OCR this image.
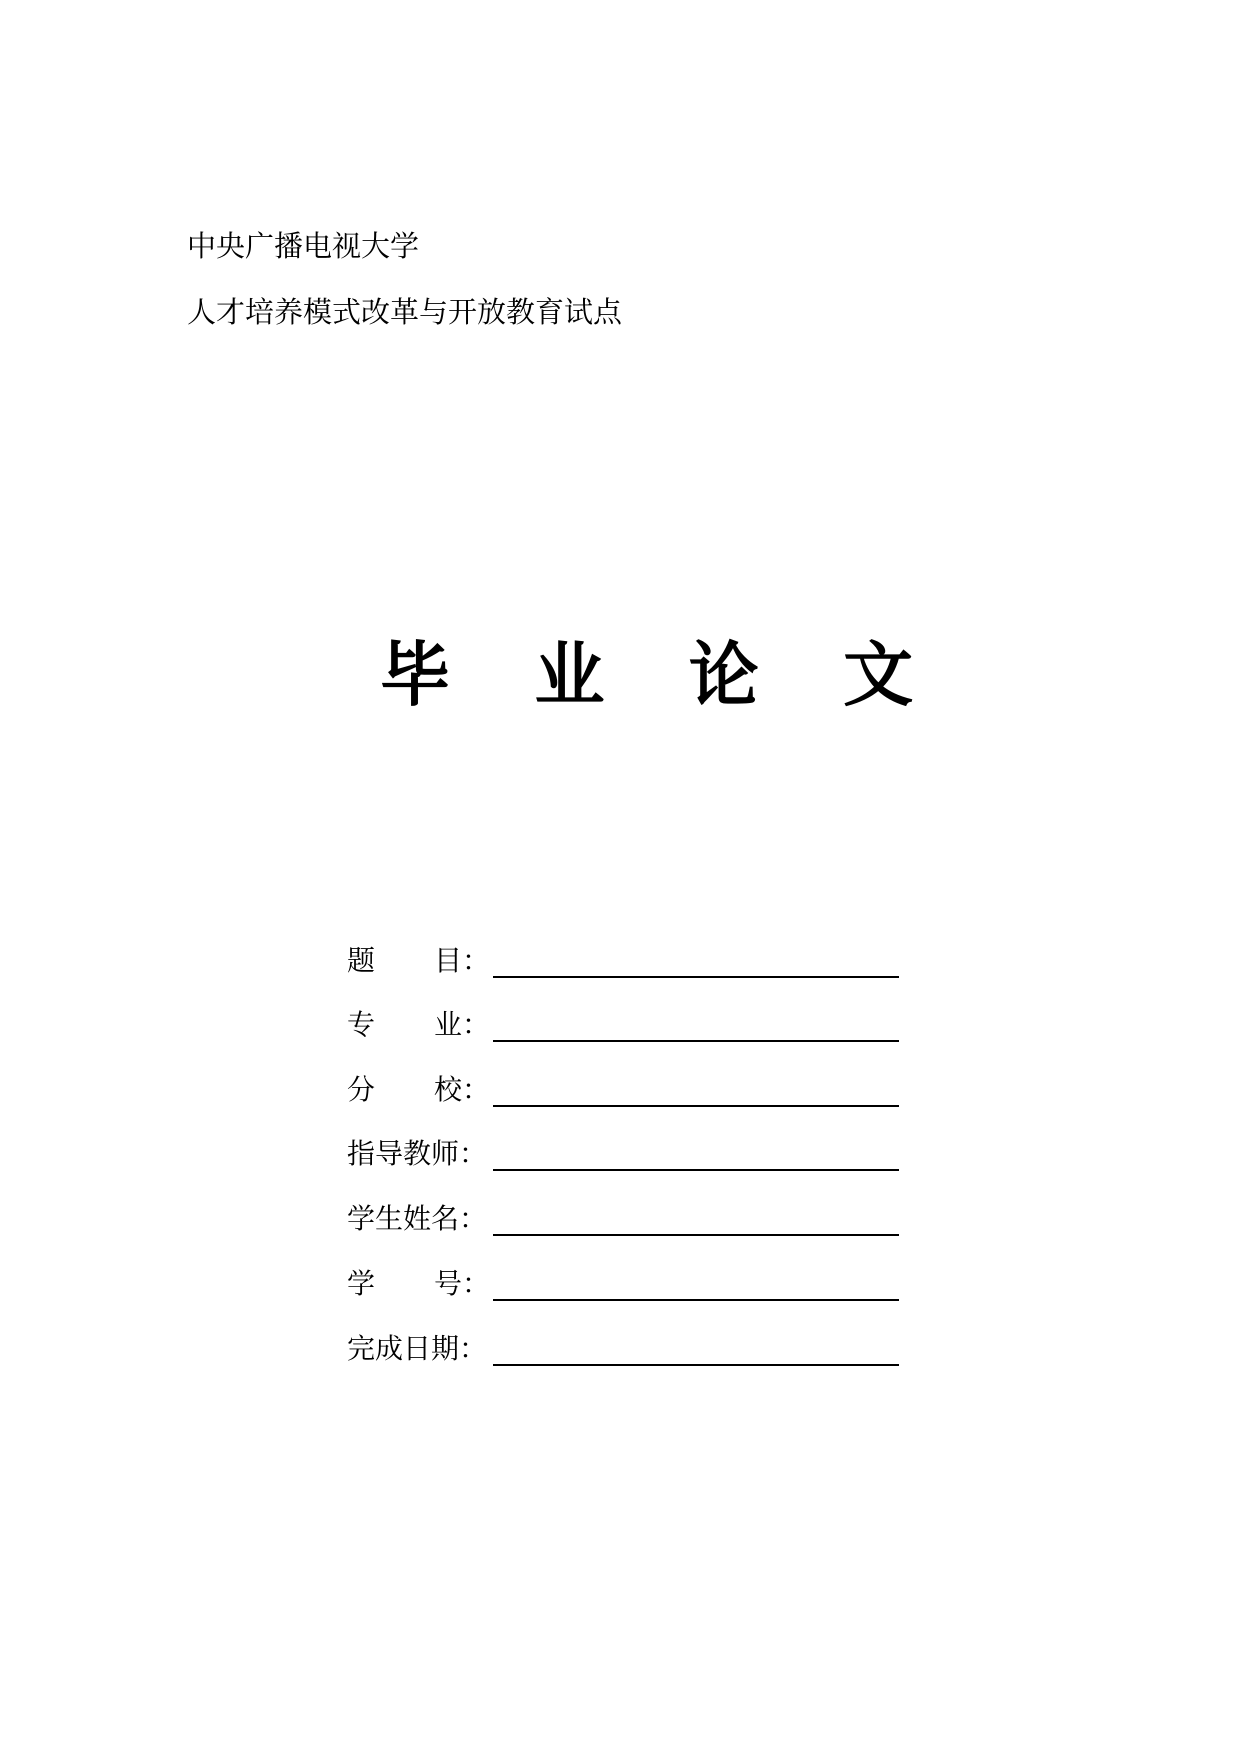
中央广播电视大学
人才培养模式改革与开放教育试点
毕 业 论 文
题 目：
专 业：
分 校：
指导教师：
学生姓名：
学 号：
完成日期：
